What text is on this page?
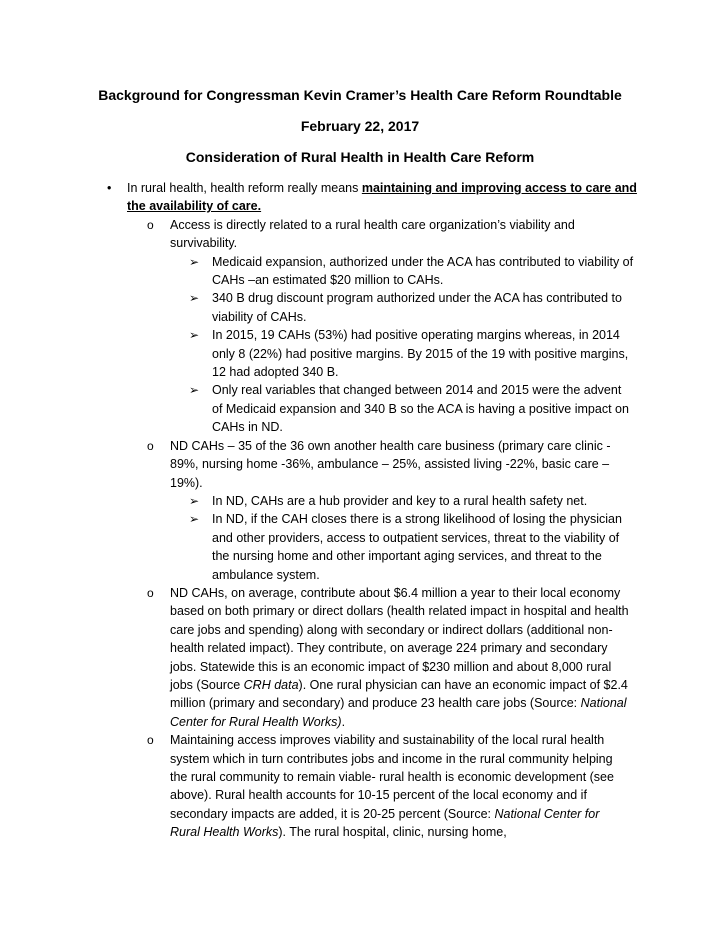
Background for Congressman Kevin Cramer’s Health Care Reform Roundtable
February 22, 2017
Consideration of Rural Health in Health Care Reform
• In rural health, health reform really means maintaining and improving access to care and the availability of care.
o Access is directly related to a rural health care organization’s viability and survivability.
➢ Medicaid expansion, authorized under the ACA has contributed to viability of CAHs –an estimated $20 million to CAHs.
➢ 340 B drug discount program authorized under the ACA has contributed to viability of CAHs.
➢ In 2015, 19 CAHs (53%) had positive operating margins whereas, in 2014 only 8 (22%) had positive margins. By 2015 of the 19 with positive margins, 12 had adopted 340 B.
➢ Only real variables that changed between 2014 and 2015 were the advent of Medicaid expansion and 340 B so the ACA is having a positive impact on CAHs in ND.
o ND CAHs – 35 of the 36 own another health care business (primary care clinic - 89%, nursing home -36%, ambulance – 25%, assisted living -22%, basic care – 19%).
➢ In ND, CAHs are a hub provider and key to a rural health safety net.
➢ In ND, if the CAH closes there is a strong likelihood of losing the physician and other providers, access to outpatient services, threat to the viability of the nursing home and other important aging services, and threat to the ambulance system.
o ND CAHs, on average, contribute about $6.4 million a year to their local economy based on both primary or direct dollars (health related impact in hospital and health care jobs and spending) along with secondary or indirect dollars (additional non-health related impact). They contribute, on average 224 primary and secondary jobs. Statewide this is an economic impact of $230 million and about 8,000 rural jobs (Source CRH data). One rural physician can have an economic impact of $2.4 million (primary and secondary) and produce 23 health care jobs (Source: National Center for Rural Health Works).
o Maintaining access improves viability and sustainability of the local rural health system which in turn contributes jobs and income in the rural community helping the rural community to remain viable- rural health is economic development (see above). Rural health accounts for 10-15 percent of the local economy and if secondary impacts are added, it is 20-25 percent (Source: National Center for Rural Health Works). The rural hospital, clinic, nursing home,
